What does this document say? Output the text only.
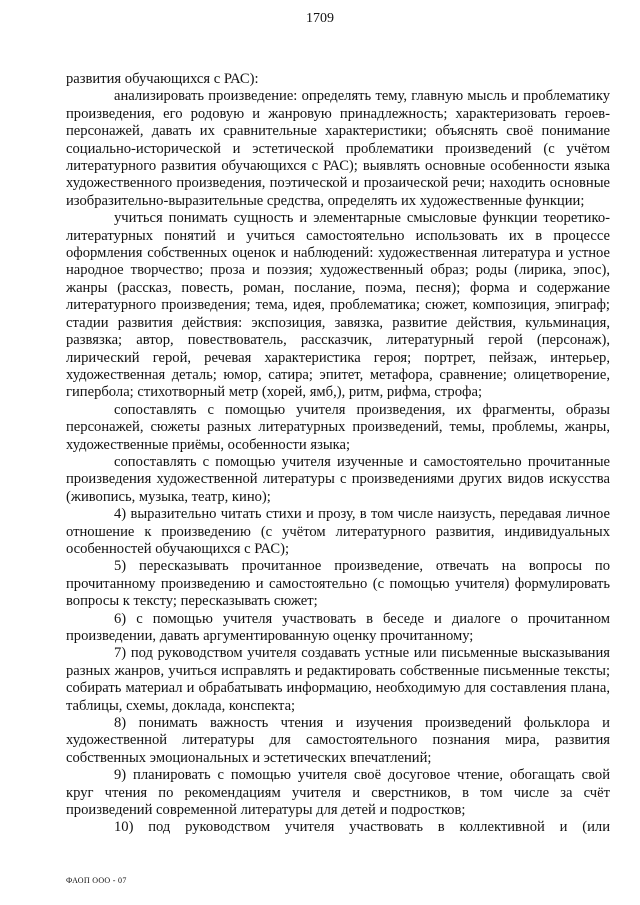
1709

развития обучающихся с РАС):

анализировать произведение: определять тему, главную мысль и проблематику произведения, его родовую и жанровую принадлежность; характеризовать героев-персонажей, давать их сравнительные характеристики; объяснять своё понимание социально-исторической и эстетической проблематики произведений (с учётом литературного развития обучающихся с РАС); выявлять основные особенности языка художественного произведения, поэтической и прозаической речи; находить основные изобразительно-выразительные средства, определять их художественные функции;

учиться понимать сущность и элементарные смысловые функции теоретико-литературных понятий и учиться самостоятельно использовать их в процессе оформления собственных оценок и наблюдений: художественная литература и устное народное творчество; проза и поэзия; художественный образ; роды (лирика, эпос), жанры (рассказ, повесть, роман, послание, поэма, песня); форма и содержание литературного произведения; тема, идея, проблематика; сюжет, композиция, эпиграф; стадии развития действия: экспозиция, завязка, развитие действия, кульминация, развязка; автор, повествователь, рассказчик, литературный герой (персонаж), лирический герой, речевая характеристика героя; портрет, пейзаж, интерьер, художественная деталь; юмор, сатира; эпитет, метафора, сравнение; олицетворение, гипербола; стихотворный метр (хорей, ямб,), ритм, рифма, строфа;

сопоставлять с помощью учителя произведения, их фрагменты, образы персонажей, сюжеты разных литературных произведений, темы, проблемы, жанры, художественные приёмы, особенности языка;

сопоставлять с помощью учителя изученные и самостоятельно прочитанные произведения художественной литературы с произведениями других видов искусства (живопись, музыка, театр, кино);

4) выразительно читать стихи и прозу, в том числе наизусть, передавая личное отношение к произведению (с учётом литературного развития, индивидуальных особенностей обучающихся с РАС);

5) пересказывать прочитанное произведение, отвечать на вопросы по прочитанному произведению и самостоятельно (с помощью учителя) формулировать вопросы к тексту; пересказывать сюжет;

6) с помощью учителя участвовать в беседе и диалоге о прочитанном произведении, давать аргументированную оценку прочитанному;

7) под руководством учителя создавать устные или письменные высказывания разных жанров, учиться исправлять и редактировать собственные письменные тексты; собирать материал и обрабатывать информацию, необходимую для составления плана, таблицы, схемы, доклада, конспекта;

8) понимать важность чтения и изучения произведений фольклора и художественной литературы для самостоятельного познания мира, развития собственных эмоциональных и эстетических впечатлений;

9) планировать с помощью учителя своё досуговое чтение, обогащать свой круг чтения по рекомендациям учителя и сверстников, в том числе за счёт произведений современной литературы для детей и подростков;

10) под руководством учителя участвовать в коллективной и (или

ФАОП ООО - 07
